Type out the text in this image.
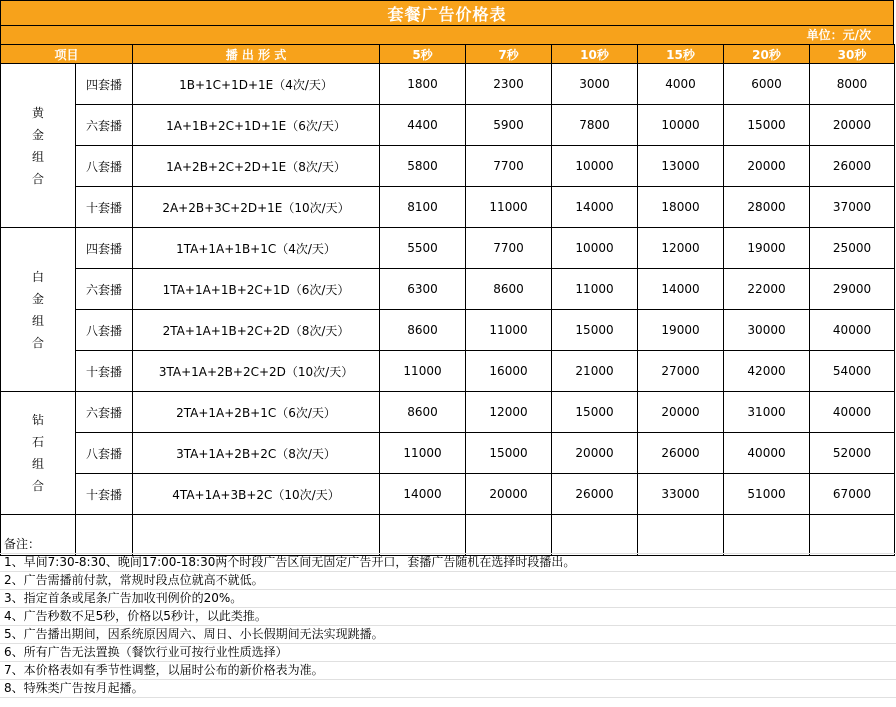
套餐广告价格表
单位：元/次
项目		播 出 形 式	5秒	7秒	10秒	15秒	20秒	30秒

黄
金
组
合	四套播	1B+1C+1D+1E（4次/天）	1800	2300	3000	4000	6000	8000
	六套播	1A+1B+2C+1D+1E（6次/天）	4400	5900	7800	10000	15000	20000
	八套播	1A+2B+2C+2D+1E（8次/天）	5800	7700	10000	13000	20000	26000
	十套播	2A+2B+3C+2D+1E（10次/天）	8100	11000	14000	18000	28000	37000

白
金
组
合	四套播	1TA+1A+1B+1C（4次/天）	5500	7700	10000	12000	19000	25000
	六套播	1TA+1A+1B+2C+1D（6次/天）	6300	8600	11000	14000	22000	29000
	八套播	2TA+1A+1B+2C+2D（8次/天）	8600	11000	15000	19000	30000	40000
	十套播	3TA+1A+2B+2C+2D（10次/天）	11000	16000	21000	27000	42000	54000

钻
石
组
合	六套播	2TA+1A+2B+1C（6次/天）	8600	12000	15000	20000	31000	40000
	八套播	3TA+1A+2B+2C（8次/天）	11000	15000	20000	26000	40000	52000
	十套播	4TA+1A+3B+2C（10次/天）	14000	20000	26000	33000	51000	67000

备注：
1、早间7:30-8:30、晚间17:00-18:30两个时段广告区间无固定广告开口，套播广告随机在选择时段播出。
2、广告需播前付款，常规时段点位就高不就低。
3、指定首条或尾条广告加收刊例价的20%。
4、广告秒数不足5秒，价格以5秒计，以此类推。
5、广告播出期间，因系统原因周六、周日、小长假期间无法实现跳播。
6、所有广告无法置换（餐饮行业可按行业性质选择）
7、本价格表如有季节性调整，以届时公布的新价格表为准。
8、特殊类广告按月起播。
